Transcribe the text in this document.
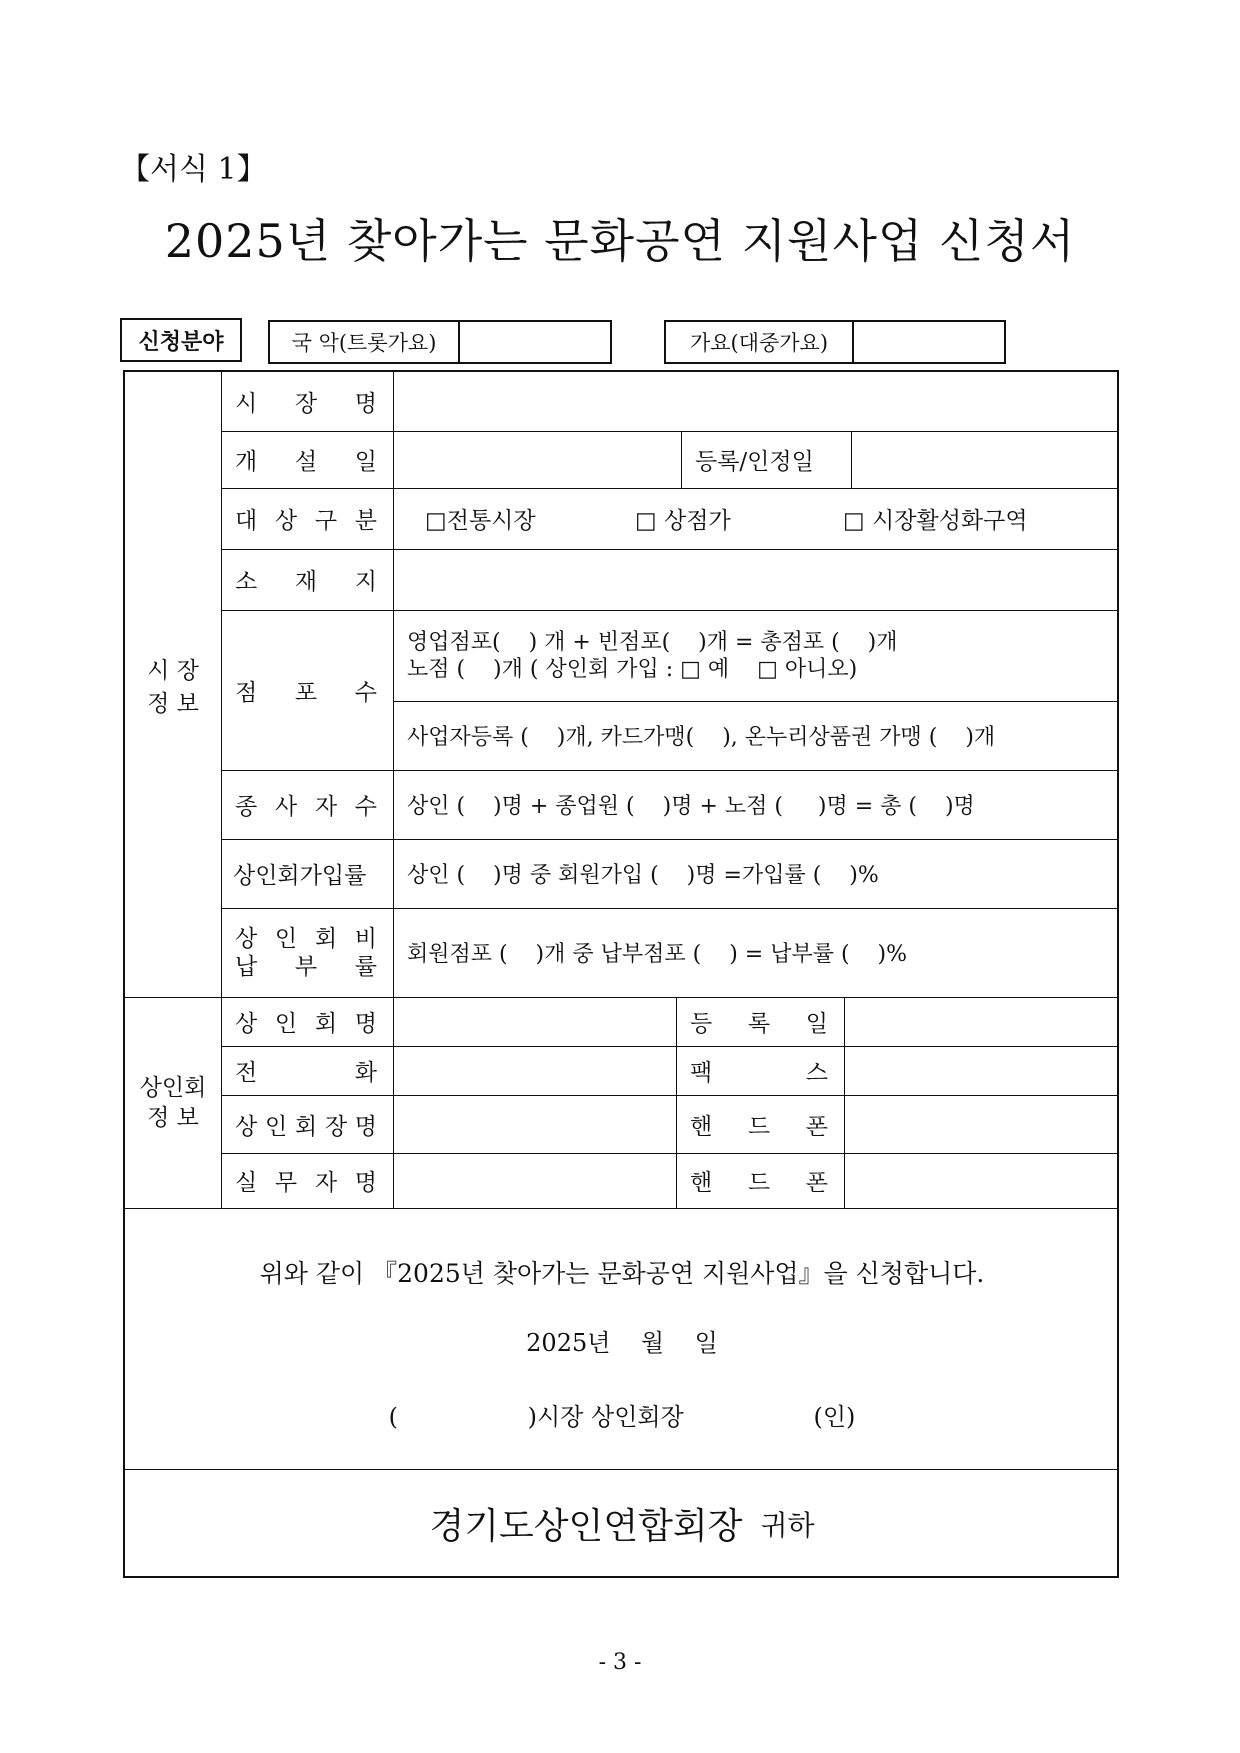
【서식 1】
2025년 찾아가는 문화공연 지원사업 신청서
신청분야	국 악(트롯가요)	가요(대중가요)
시 장
정 보
시 장 명
개 설 일	등록/인정일
대 상 구 분 □전통시장	□ 상점가	□ 시장활성화구역
소 재 지
점 포 수
영업점포(    ) 개 + 빈점포(    )개 = 총점포 (    )개
노점 (    )개 ( 상인회 가입 : □ 예    □ 아니오)
사업자등록 (    )개, 카드가맹(    ), 온누리상품권 가맹 (    )개
종 사 자 수	상인 (    )명 + 종업원 (    )명 + 노점 (     )명 = 총 (    )명
상인회가입률	상인 (    )명 중 회원가입 (    )명 =가입률 (    )%
상 인 회 비
납 부 률	회원점포 (    )개 중 납부점포 (    ) = 납부률 (    )%
상인회
정 보
상 인 회 명	등 록 일
전	화	팩	스
상 인 회 장 명	핸 드 폰
실 무 자 명	핸 드 폰
위와 같이 『2025년 찾아가는 문화공연 지원사업』을 신청합니다.
2025년    월    일
(                 )시장 상인회장                 (인)
경기도상인연합회장 귀하
- 3 -
